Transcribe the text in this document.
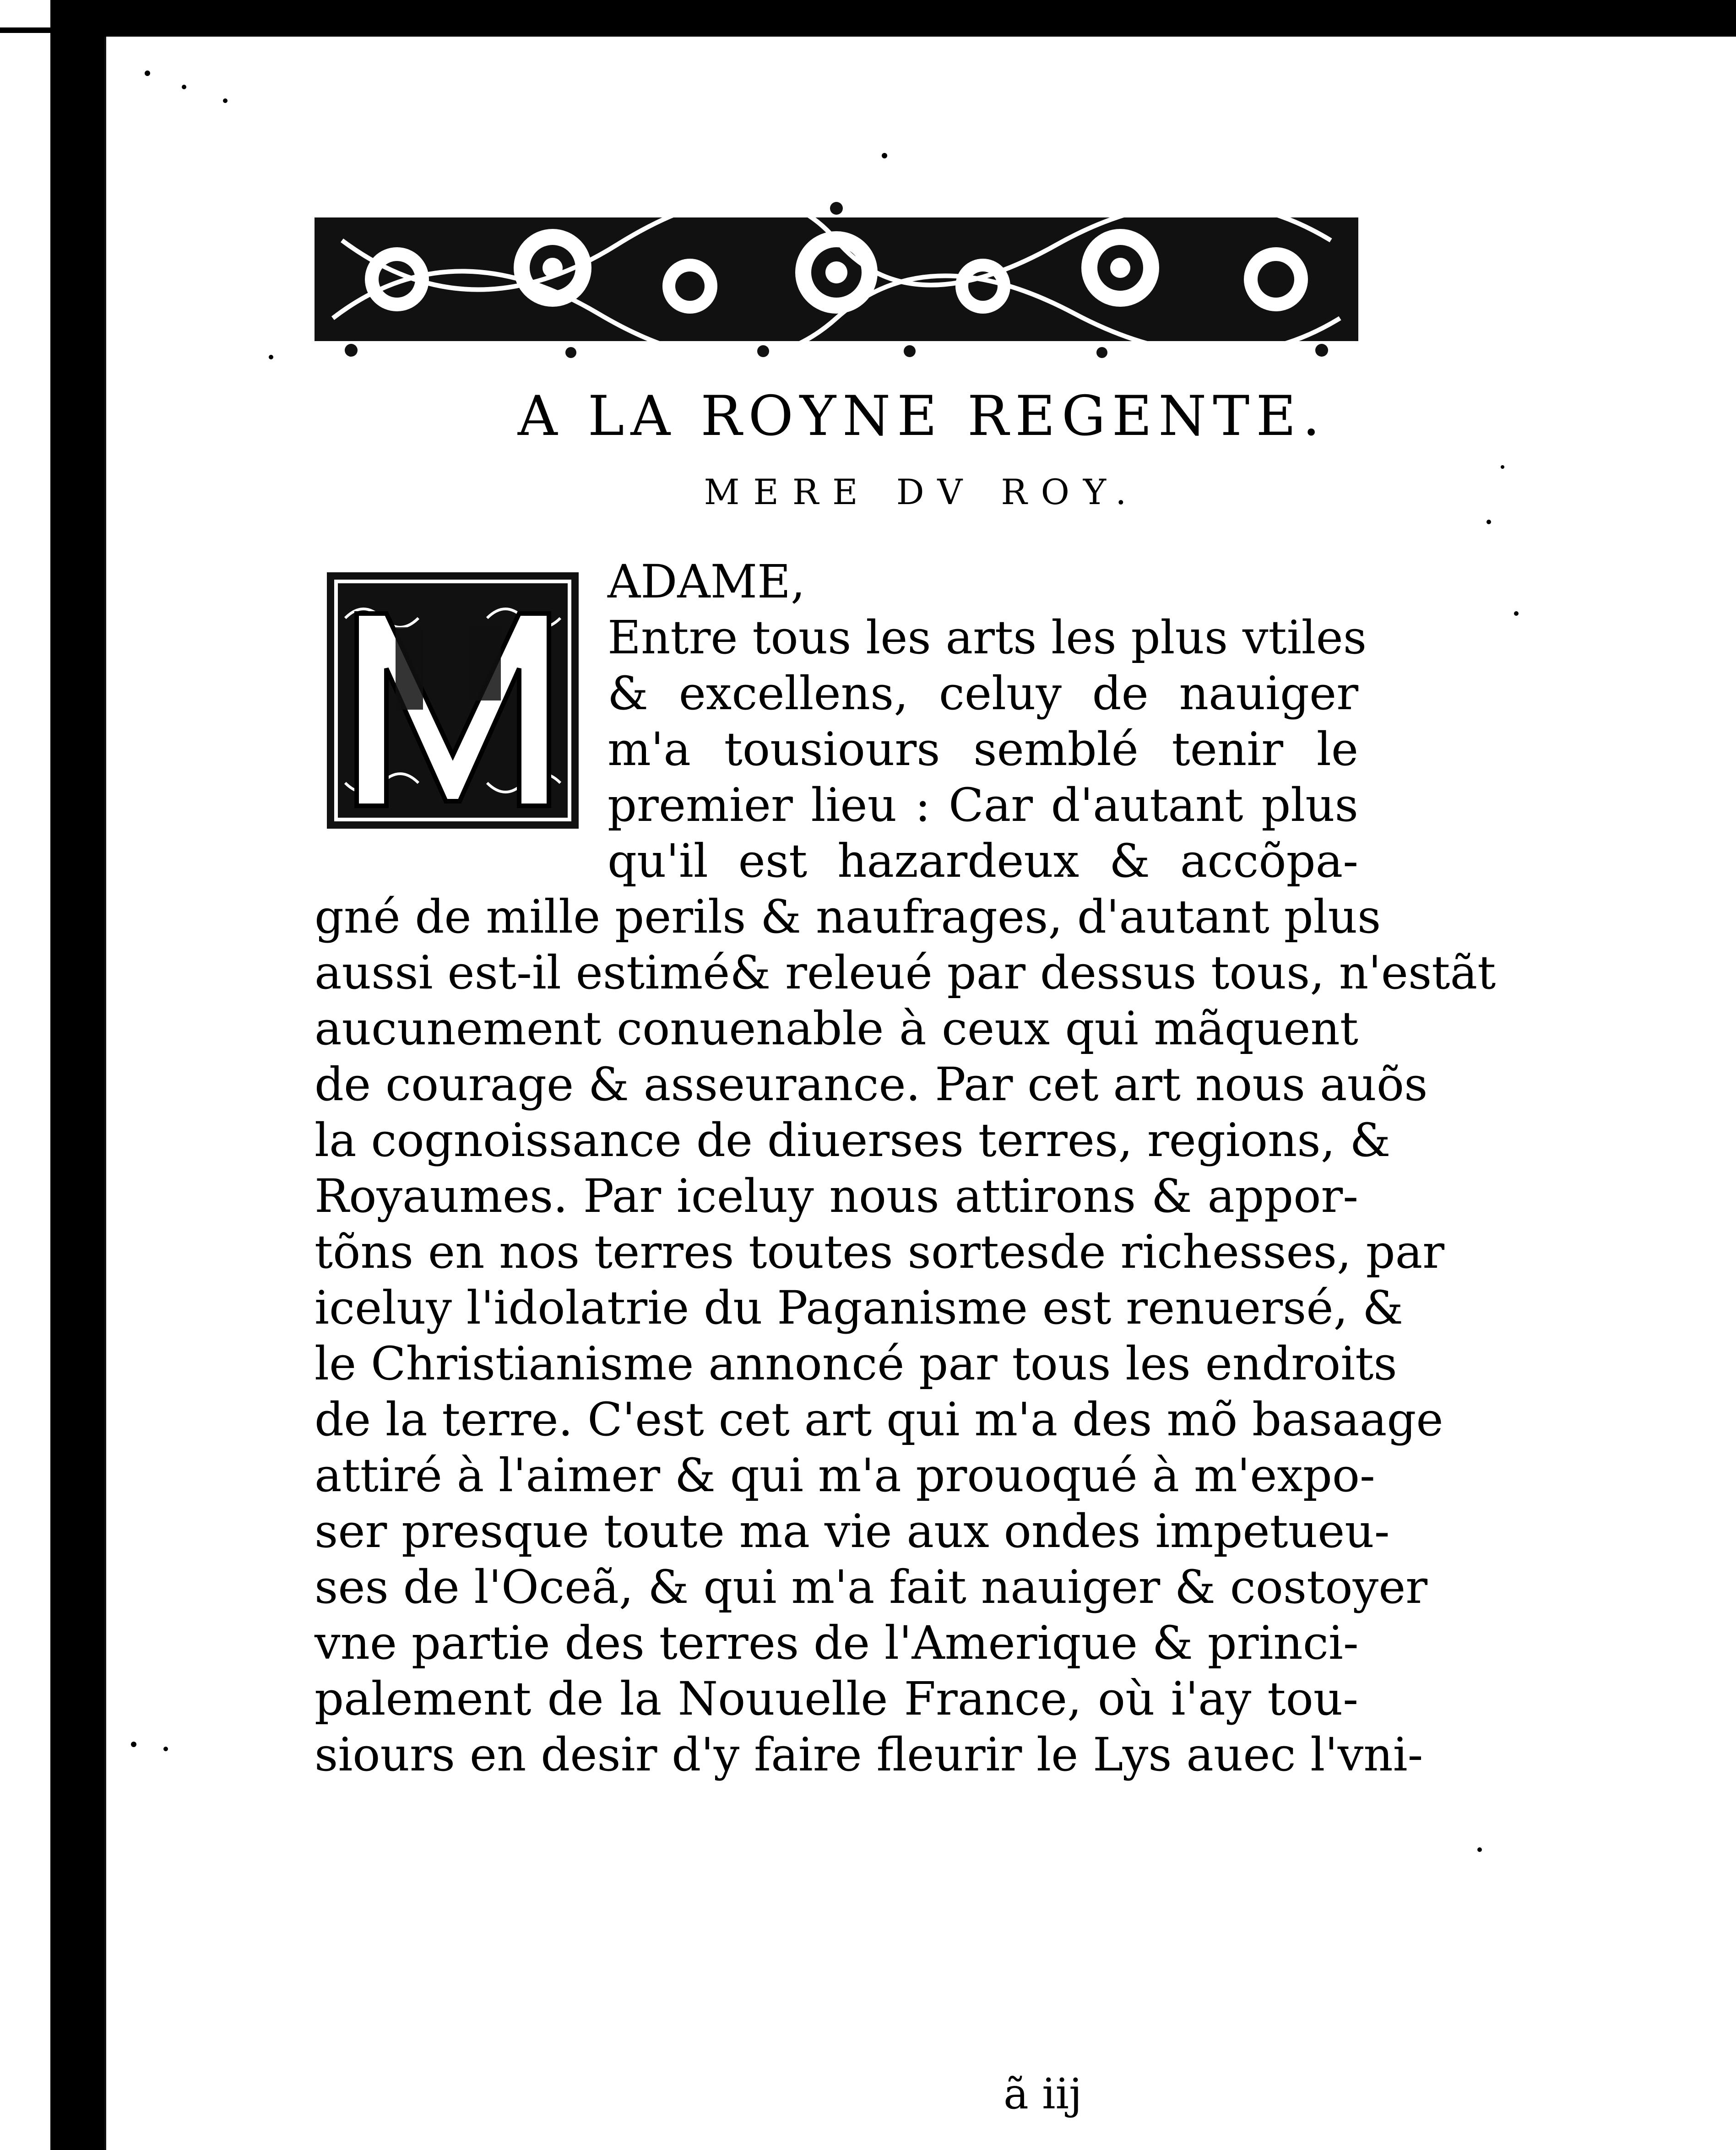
A LA ROYNE REGENTE.
MERE DV ROY.
ADAME,
Entre tous les arts les plus vtiles
& excellens, celuy de nauiger
m'a tousiours semblé tenir le
premier lieu : Car d'autant plus
qu'il est hazardeux & accõpa-
gné de mille perils & naufrages, d'autant plus
aussi est-il estimé& releué par dessus tous, n'estãt
aucunement conuenable à ceux qui mãquent
de courage & asseurance. Par cet art nous auõs
la cognoissance de diuerses terres, regions, &
Royaumes. Par iceluy nous attirons & appor-
tõns en nos terres toutes sortesde richesses, par
iceluy l'idolatrie du Paganisme est renuersé, &
le Christianisme annoncé par tous les endroits
de la terre. C'est cet art qui m'a des mõ basaage
attiré à l'aimer & qui m'a prouoqué à m'expo-
ser presque toute ma vie aux ondes impetueu-
ses de l'Oceã, & qui m'a fait nauiger & costoyer
vne partie des terres de l'Amerique & princi-
palement de la Nouuelle France, où i'ay tou-
siours en desir d'y faire fleurir le Lys auec l'vni-
ã iij
